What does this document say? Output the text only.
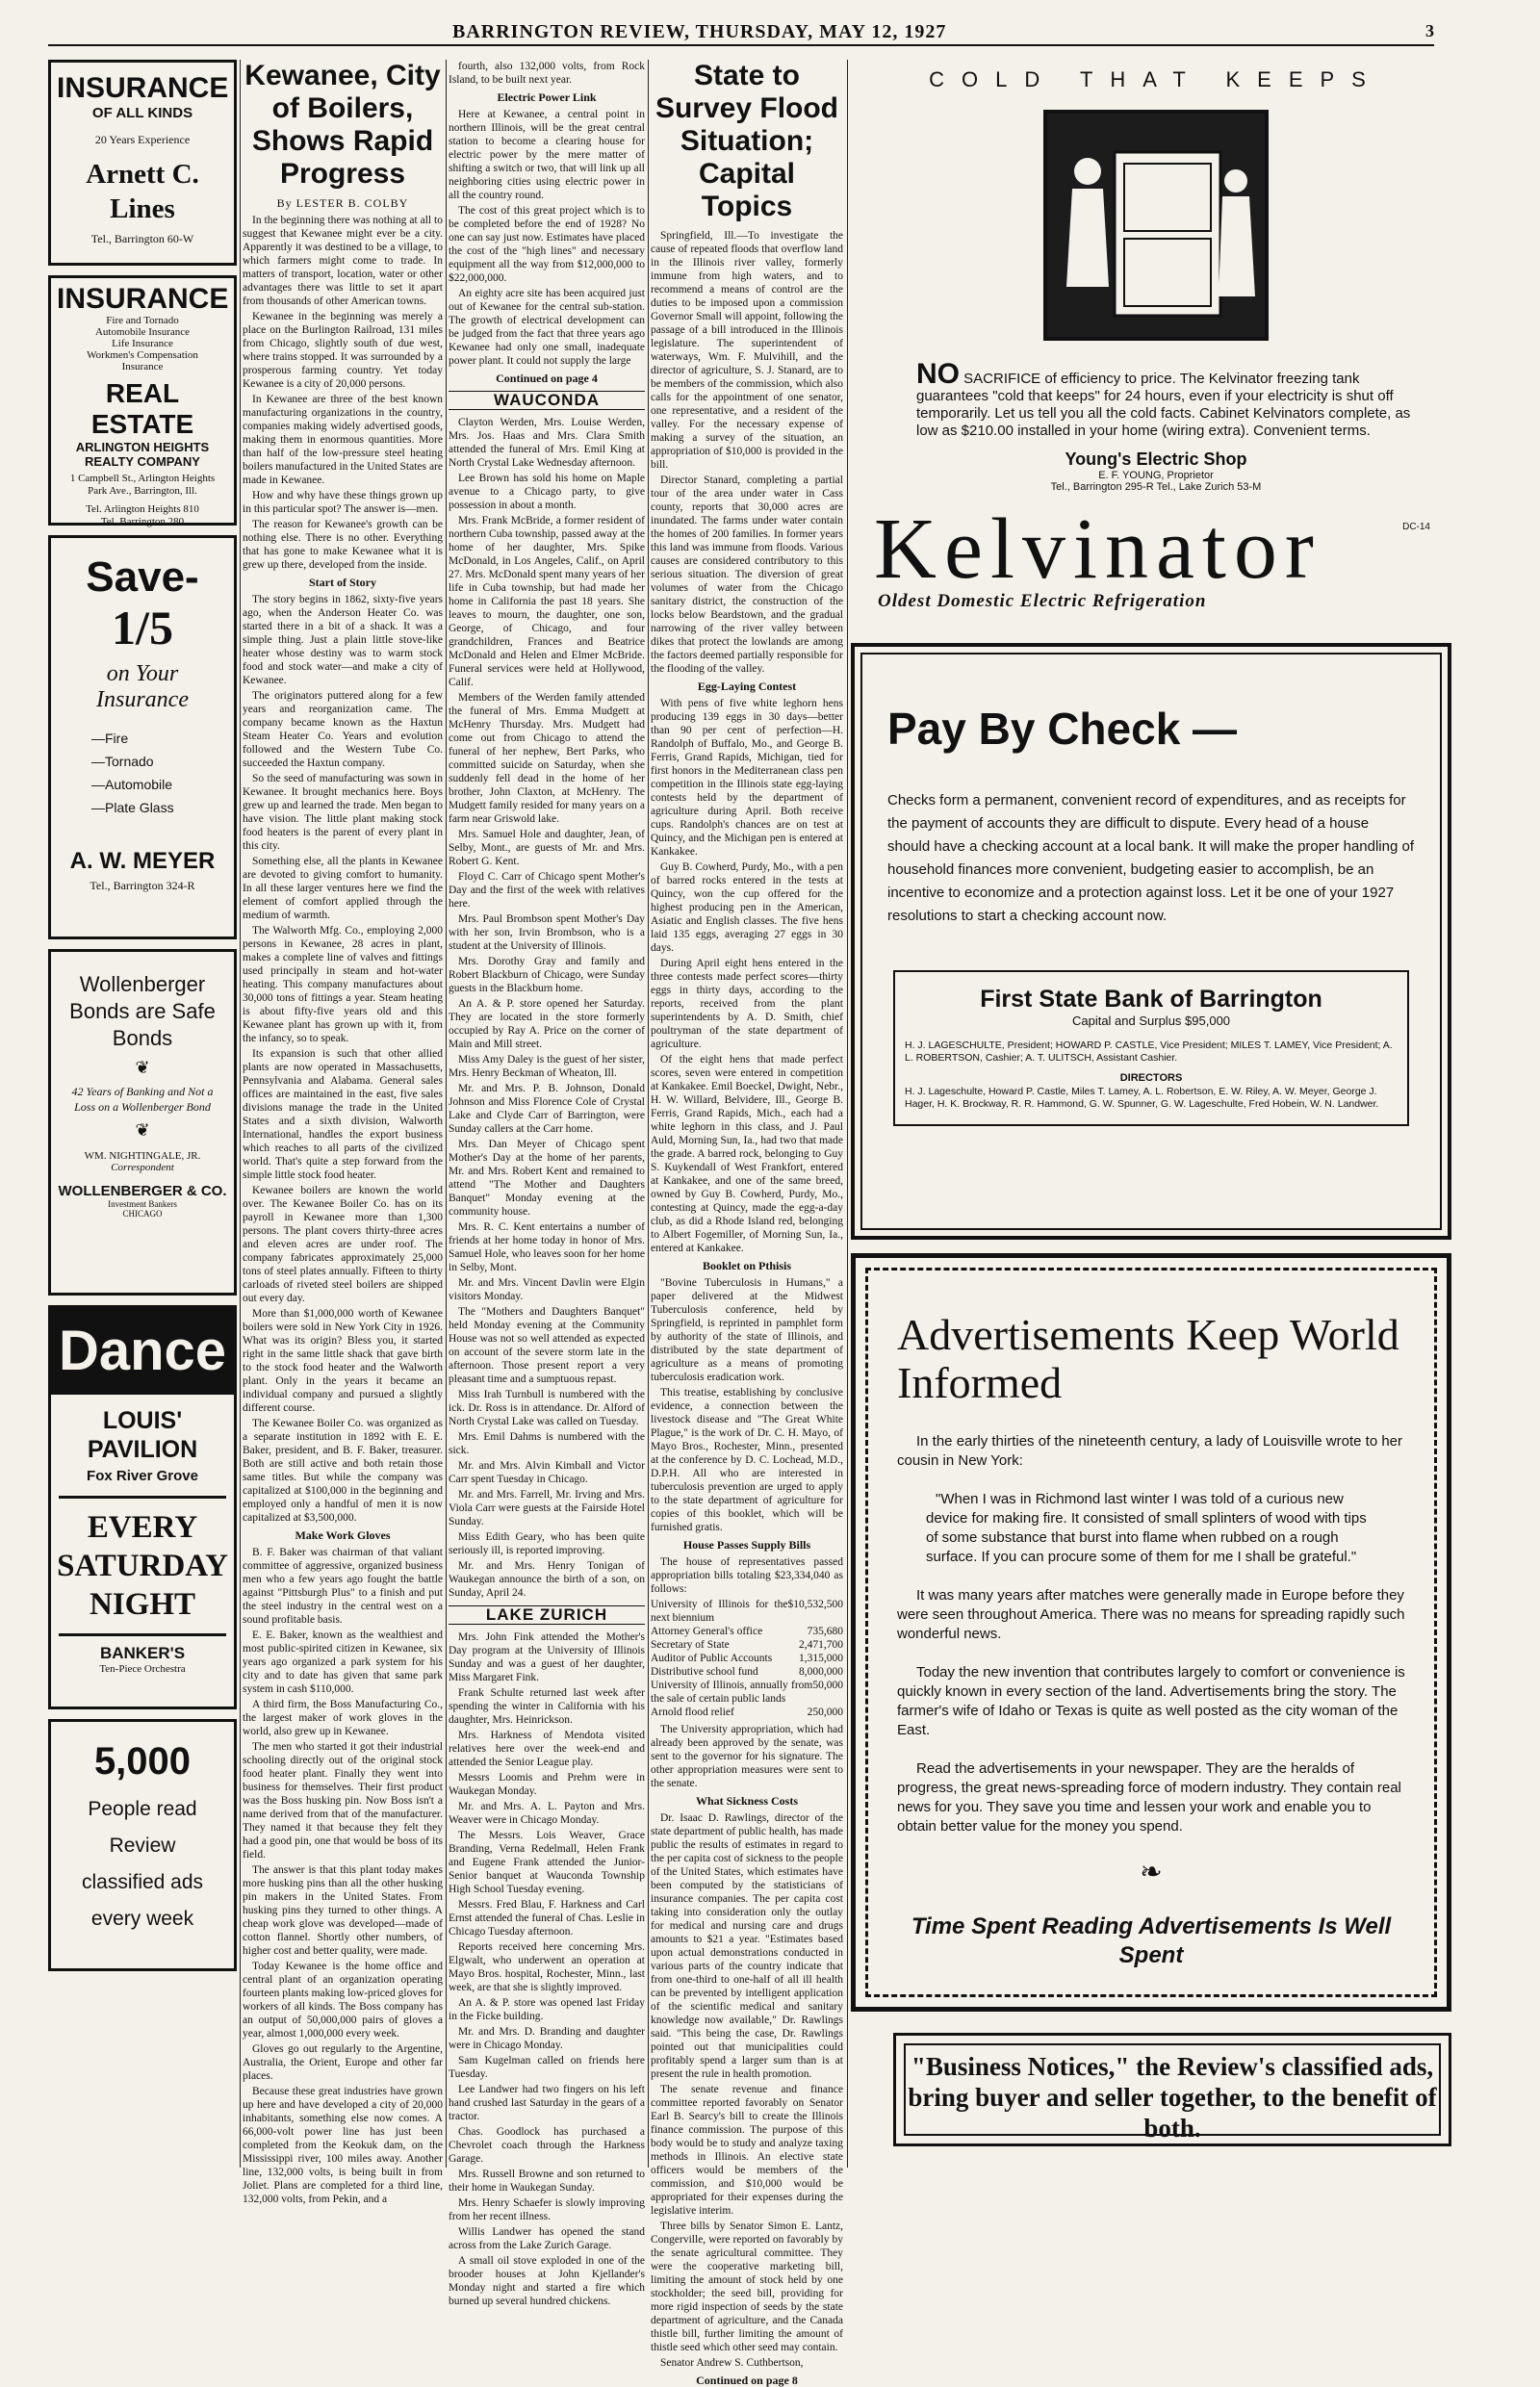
BARRINGTON REVIEW, THURSDAY, MAY 12, 1927	3
INSURANCE
OF ALL KINDS
20 Years Experience
Arnett C. Lines
Tel., Barrington 60-W
INSURANCE
Fire and Tornado
Automobile Insurance
Life Insurance
Workmen's Compensation
Insurance
REAL ESTATE
ARLINGTON HEIGHTS REALTY COMPANY
1 Campbell St., Arlington Heights
Park Ave., Barrington, Ill.
Tel. Arlington Heights 810
Tel. Barrington 280
Save-
1/5
on Your
Insurance
—Fire
—Tornado
—Automobile
—Plate Glass
A. W. MEYER
Tel., Barrington 324-R
Wollenberger Bonds are Safe Bonds
❦
42 Years of Banking and Not a Loss on a Wollenberger Bond
❦
WM. NIGHTINGALE, JR.
Correspondent
WOLLENBERGER & CO.
Investment Bankers
CHICAGO
Dance
LOUIS' PAVILION
Fox River Grove
EVERY SATURDAY NIGHT
BANKER'S
Ten-Piece Orchestra
5,000
People read
Review
classified ads
every week
Kewanee, City of Boilers, Shows Rapid Progress
By LESTER B. COLBY

In the beginning there was nothing at all to suggest that Kewanee might ever be a city. Apparently it was destined to be a village, to which farmers might come to trade. In matters of transport, location, water or other advantages there was little to set it apart from thousands of other American towns.

Kewanee in the beginning was merely a place on the Burlington Railroad, 131 miles from Chicago, slightly south of due west, where trains stopped. It was surrounded by a prosperous farming country. Yet today Kewanee is a city of 20,000 persons.

In Kewanee are three of the best known manufacturing organizations in the country, companies making widely advertised goods, making them in enormous quantities. More than half of the low-pressure steel heating boilers manufactured in the United States are made in Kewanee.

How and why have these things grown up in this particular spot? The answer is—men.

The reason for Kewanee's growth can be nothing else. There is no other. Everything that has gone to make Kewanee what it is grew up there, developed from the inside.

Start of Story

The story begins in 1862, sixty-five years ago, when the Anderson Heater Co. was started there in a bit of a shack. It was a simple thing. Just a plain little stove-like heater whose destiny was to warm stock food and stock water—and make a city of Kewanee.

The originators puttered along for a few years and reorganization came. The company became known as the Haxtun Steam Heater Co. Years and evolution followed and the Western Tube Co. succeeded the Haxtun company.

So the seed of manufacturing was sown in Kewanee. It brought mechanics here. Boys grew up and learned the trade. Men began to have vision. The little plant making stock food heaters is the parent of every plant in this city.

Something else, all the plants in Kewanee are devoted to giving comfort to humanity. In all these larger ventures here we find the element of comfort applied through the medium of warmth.

The Walworth Mfg. Co., employing 2,000 persons in Kewanee, 28 acres in plant, makes a complete line of valves and fittings used principally in steam and hot-water heating. This company manufactures about 30,000 tons of fittings a year. Steam heating is about fifty-five years old and this Kewanee plant has grown up with it, from the infancy, so to speak.

Its expansion is such that other allied plants are now operated in Massachusetts, Pennsylvania and Alabama. General sales offices are maintained in the east, five sales divisions manage the trade in the United States and a sixth division, Walworth International, handles the export business which reaches to all parts of the civilized world. That's quite a step forward from the simple little stock food heater.

Kewanee boilers are known the world over. The Kewanee Boiler Co. has on its payroll in Kewanee more than 1,300 persons. The plant covers thirty-three acres and eleven acres are under roof. The company fabricates approximately 25,000 tons of steel plates annually. Fifteen to thirty carloads of riveted steel boilers are shipped out every day.

More than $1,000,000 worth of Kewanee boilers were sold in New York City in 1926. What was its origin? Bless you, it started right in the same little shack that gave birth to the stock food heater and the Walworth plant. Only in the years it became an individual company and pursued a slightly different course.

The Kewanee Boiler Co. was organized as a separate institution in 1892 with E. E. Baker, president, and B. F. Baker, treasurer. Both are still active and both retain those same titles. But while the company was capitalized at $100,000 in the beginning and employed only a handful of men it is now capitalized at $3,500,000.

Make Work Gloves

B. F. Baker was chairman of that valiant committee of aggressive, organized business men who a few years ago fought the battle against "Pittsburgh Plus" to a finish and put the steel industry in the central west on a sound profitable basis.

E. E. Baker, known as the wealthiest and most public-spirited citizen in Kewanee, six years ago organized a park system for his city and to date has given that same park system in cash $110,000.

A third firm, the Boss Manufacturing Co., the largest maker of work gloves in the world, also grew up in Kewanee.

The men who started it got their industrial schooling directly out of the original stock food heater plant. Finally they went into business for themselves. Their first product was the Boss husking pin. Now Boss isn't a name derived from that of the manufacturer. They named it that because they felt they had a good pin, one that would be boss of its field.

The answer is that this plant today makes more husking pins than all the other husking pin makers in the United States. From husking pins they turned to other things. A cheap work glove was developed—made of cotton flannel. Shortly other numbers, of higher cost and better quality, were made.

Today Kewanee is the home office and central plant of an organization operating fourteen plants making low-priced gloves for workers of all kinds. The Boss company has an output of 50,000,000 pairs of gloves a year, almost 1,000,000 every week.

Gloves go out regularly to the Argentine, Australia, the Orient, Europe and other far places.

Because these great industries have grown up here and have developed a city of 20,000 inhabitants, something else now comes. A 66,000-volt power line has just been completed from the Keokuk dam, on the Mississippi river, 100 miles away. Another line, 132,000 volts, is being built in from Joliet. Plans are completed for a third line, 132,000 volts, from Pekin, and a

fourth, also 132,000 volts, from Rock Island, to be built next year.

Electric Power Link

Here at Kewanee, a central point in northern Illinois, will be the great central station to become a clearing house for electric power by the mere matter of shifting a switch or two, that will link up all neighboring cities using electric power in all the country round.

The cost of this great project which is to be completed before the end of 1928? No one can say just now. Estimates have placed the cost of the "high lines" and necessary equipment all the way from $12,000,000 to $22,000,000.

An eighty acre site has been acquired just out of Kewanee for the central sub-station. The growth of electrical development can be judged from the fact that three years ago Kewanee had only one small, inadequate power plant. It could not supply the large

Continued on page 4
WAUCONDA

Clayton Werden, Mrs. Louise Werden, Mrs. Jos. Haas and Mrs. Clara Smith attended the funeral of Mrs. Emil King at North Crystal Lake Wednesday afternoon.

Lee Brown has sold his home on Maple avenue to a Chicago party, to give possession in about a month.

Mrs. Frank McBride, a former resident of northern Cuba township, passed away at the home of her daughter, Mrs. Spike McDonald, in Los Angeles, Calif., on April 27. Mrs. McDonald spent many years of her life in Cuba township, but had made her home in California the past 18 years. She leaves to mourn, the daughter, one son, George, of Chicago, and four grandchildren, Frances and Beatrice McDonald and Helen and Elmer McBride. Funeral services were held at Hollywood, Calif.

Members of the Werden family attended the funeral of Mrs. Emma Mudgett at McHenry Thursday. Mrs. Mudgett had come out from Chicago to attend the funeral of her nephew, Bert Parks, who committed suicide on Saturday, when she suddenly fell dead in the home of her brother, John Claxton, at McHenry. The Mudgett family resided for many years on a farm near Griswold lake.

Mrs. Samuel Hole and daughter, Jean, of Selby, Mont., are guests of Mr. and Mrs. Robert G. Kent.

Floyd C. Carr of Chicago spent Mother's Day and the first of the week with relatives here.

Mrs. Paul Brombson spent Mother's Day with her son, Irvin Brombson, who is a student at the University of Illinois.

Mrs. Dorothy Gray and family and Robert Blackburn of Chicago, were Sunday guests in the Blackburn home.

An A. & P. store opened her Saturday. They are located in the store formerly occupied by Ray A. Price on the corner of Main and Mill street.

Miss Amy Daley is the guest of her sister, Mrs. Henry Beckman of Wheaton, Ill.

Mr. and Mrs. P. B. Johnson, Donald Johnson and Miss Florence Cole of Crystal Lake and Clyde Carr of Barrington, were Sunday callers at the Carr home.

Mrs. Dan Meyer of Chicago spent Mother's Day at the home of her parents, Mr. and Mrs. Robert Kent and remained to attend "The Mother and Daughters Banquet" Monday evening at the community house.

Mrs. R. C. Kent entertains a number of friends at her home today in honor of Mrs. Samuel Hole, who leaves soon for her home in Selby, Mont.

Mr. and Mrs. Vincent Davlin were Elgin visitors Monday.

The "Mothers and Daughters Banquet" held Monday evening at the Community House was not so well attended as expected on account of the severe storm late in the afternoon. Those present report a very pleasant time and a sumptuous repast.

Miss Irah Turnbull is numbered with the ick. Dr. Ross is in attendance. Dr. Alford of North Crystal Lake was called on Tuesday.

Mrs. Emil Dahms is numbered with the sick.

Mr. and Mrs. Alvin Kimball and Victor Carr spent Tuesday in Chicago.

Mr. and Mrs. Farrell, Mr. Irving and Mrs. Viola Carr were guests at the Fairside Hotel Sunday.

Miss Edith Geary, who has been quite seriously ill, is reported improving.

Mr. and Mrs. Henry Tonigan of Waukegan announce the birth of a son, on Sunday, April 24.

LAKE ZURICH

Mrs. John Fink attended the Mother's Day program at the University of Illinois Sunday and was a guest of her daughter, Miss Margaret Fink.

Frank Schulte returned last week after spending the winter in California with his daughter, Mrs. Heinrickson.

Mrs. Harkness of Mendota visited relatives here over the week-end and attended the Senior League play.

Messrs Loomis and Prehm were in Waukegan Monday.

Mr. and Mrs. A. L. Payton and Mrs. Weaver were in Chicago Monday.

The Messrs. Lois Weaver, Grace Branding, Verna Redelmall, Helen Frank and Eugene Frank attended the Junior-Senior banquet at Wauconda Township High School Tuesday evening.

Messrs. Fred Blau, F. Harkness and Carl Ernst attended the funeral of Chas. Leslie in Chicago Tuesday afternoon.

Reports received here concerning Mrs. Elgwalt, who underwent an operation at Mayo Bros. hospital, Rochester, Minn., last week, are that she is slightly improved.

An A. & P. store was opened last Friday in the Ficke building.

Mr. and Mrs. D. Branding and daughter were in Chicago Monday.

Sam Kugelman called on friends here Tuesday.

Lee Landwer had two fingers on his left hand crushed last Saturday in the gears of a tractor.

Chas. Goodlock has purchased a Chevrolet coach through the Harkness Garage.

Mrs. Russell Browne and son returned to their home in Waukegan Sunday.

Mrs. Henry Schaefer is slowly improving from her recent illness.

Willis Landwer has opened the stand across from the Lake Zurich Garage.

A small oil stove exploded in one of the brooder houses at John Kjellander's Monday night and started a fire which burned up several hundred chickens.

State to Survey Flood Situation; Capital Topics

Springfield, Ill.—To investigate the cause of repeated floods that overflow land in the Illinois river valley, formerly immune from high waters, and to recommend a means of control are the duties to be imposed upon a commission Governor Small will appoint, following the passage of a bill introduced in the Illinois legislature. The superintendent of waterways, Wm. F. Mulvihill, and the director of agriculture, S. J. Stanard, are to be members of the commission, which also calls for the appointment of one senator, one representative, and a resident of the valley. For the necessary expense of making a survey of the situation, an appropriation of $10,000 is provided in the bill.

Director Stanard, completing a partial tour of the area under water in Cass county, reports that 30,000 acres are inundated. The farms under water contain the homes of 200 families. In former years this land was immune from floods. Various causes are considered contributory to this serious situation. The diversion of great volumes of water from the Chicago sanitary district, the construction of the locks below Beardstown, and the gradual narrowing of the river valley between dikes that protect the lowlands are among the factors deemed partially responsible for the flooding of the valley.

Egg-Laying Contest

With pens of five white leghorn hens producing 139 eggs in 30 days—better than 90 per cent of perfection—H. Randolph of Buffalo, Mo., and George B. Ferris, Grand Rapids, Michigan, tied for first honors in the Mediterranean class pen competition in the Illinois state egg-laying contests held by the department of agriculture during April. Both receive cups. Randolph's chances are on test at Quincy, and the Michigan pen is entered at Kankakee.

Guy B. Cowherd, Purdy, Mo., with a pen of barred rocks entered in the tests at Quincy, won the cup offered for the highest producing pen in the American, Asiatic and English classes. The five hens laid 135 eggs, averaging 27 eggs in 30 days.

During April eight hens entered in the three contests made perfect scores—thirty eggs in thirty days, according to the reports, received from the plant superintendents by A. D. Smith, chief poultryman of the state department of agriculture.

Of the eight hens that made perfect scores, seven were entered in competition at Kankakee. Emil Boeckel, Dwight, Nebr., H. W. Willard, Belvidere, Ill., George B. Ferris, Grand Rapids, Mich., each had a white leghorn in this class, and J. Paul Auld, Morning Sun, Ia., had two that made the grade. A barred rock, belonging to Guy S. Kuykendall of West Frankfort, entered at Kankakee, and one of the same breed, owned by Guy B. Cowherd, Purdy, Mo., contesting at Quincy, made the egg-a-day club, as did a Rhode Island red, belonging to Albert Fogemiller, of Morning Sun, Ia., entered at Kankakee.

Booklet on Pthisis

"Bovine Tuberculosis in Humans," a paper delivered at the Midwest Tuberculosis conference, held by Springfield, is reprinted in pamphlet form by authority of the state of Illinois, and distributed by the state department of agriculture as a means of promoting tuberculosis eradication work.

This treatise, establishing by conclusive evidence, a connection between the livestock disease and "The Great White Plague," is the work of Dr. C. H. Mayo, of Mayo Bros., Rochester, Minn., presented at the conference by D. C. Lochead, M.D., D.P.H. All who are interested in tuberculosis prevention are urged to apply to the state department of agriculture for copies of this booklet, which will be furnished gratis.

House Passes Supply Bills

The house of representatives passed appropriation bills totaling $23,334,040 as follows:

University of Illinois for the next biennium
$10,532,500
Attorney General's office	735,680
Secretary of State	2,471,700
Auditor of Public Accounts 1,315,000
Distributive school fund	8,000,000
University of Illinois, annually from the sale of certain public lands
50,000
Arnold flood relief	250,000

The University appropriation, which had already been approved by the senate, was sent to the governor for his signature. The other appropriation measures were sent to the senate.

What Sickness Costs

Dr. Isaac D. Rawlings, director of the state department of public health, has made public the results of estimates in regard to the per capita cost of sickness to the people of the United States, which estimates have been computed by the statisticians of insurance companies. The per capita cost taking into consideration only the outlay for medical and nursing care and drugs amounts to $21 a year. "Estimates based upon actual demonstrations conducted in various parts of the country indicate that from one-third to one-half of all ill health can be prevented by intelligent application of the scientific medical and sanitary knowledge now available," Dr. Rawlings said. "This being the case, Dr. Rawlings pointed out that municipalities could profitably spend a larger sum than is at present the rule in health promotion.

The senate revenue and finance committee reported favorably on Senator Earl B. Searcy's bill to create the Illinois finance commission. The purpose of this body would be to study and analyze taxing methods in Illinois. An elective state officers would be members of the commission, and $10,000 would be appropriated for their expenses during the legislative interim.

Three bills by Senator Simon E. Lantz, Congerville, were reported on favorably by the senate agricultural committee. They were the cooperative marketing bill, limiting the amount of stock held by one stockholder; the seed bill, providing for more rigid inspection of seeds by the state department of agriculture, and the Canada thistle bill, further limiting the amount of thistle seed which other seed may contain.

Senator Andrew S. Cuthbertson,

Continued on page 8
COLD THAT KEEPS
NO SACRIFICE of efficiency to price. The Kelvinator freezing tank guarantees "cold that keeps" for 24 hours, even if your electricity is shut off temporarily. Let us tell you all the cold facts. Cabinet Kelvinators complete, as low as $210.00 installed in your home (wiring extra). Convenient terms.
Young's Electric Shop
E. F. YOUNG, Proprietor
Tel., Barrington 295-R Tel., Lake Zurich 53-M
DC-14
Kelvinator
Oldest Domestic Electric Refrigeration
Pay By Check —
Checks form a permanent, convenient record of expenditures, and as receipts for the payment of accounts they are difficult to dispute. Every head of a house should have a checking account at a local bank. It will make the proper handling of household finances more convenient, budgeting easier to accomplish, be an incentive to economize and a protection against loss. Let it be one of your 1927 resolutions to start a checking account now.
First State Bank of Barrington
Capital and Surplus $95,000
H. J. LAGESCHULTE, President; HOWARD P. CASTLE, Vice President; MILES T. LAMEY, Vice President; A. L. ROBERTSON, Cashier; A. T. ULITSCH, Assistant Cashier.
DIRECTORS
H. J. Lageschulte, Howard P. Castle, Miles T. Lamey, A. L. Robertson, E. W. Riley, A. W. Meyer, George J. Hager, H. K. Brockway, R. R. Hammond, G. W. Spunner, G. W. Lageschulte, Fred Hobein, W. N. Landwer.
Advertisements Keep World Informed

In the early thirties of the nineteenth century, a lady of Louisville wrote to her cousin in New York:

"When I was in Richmond last winter I was told of a curious new device for making fire. It consisted of small splinters of wood with tips of some substance that burst into flame when rubbed on a rough surface. If you can procure some of them for me I shall be grateful."

It was many years after matches were generally made in Europe before they were seen throughout America. There was no means for spreading rapidly such wonderful news.

Today the new invention that contributes largely to comfort or convenience is quickly known in every section of the land. Advertisements bring the story. The farmer's wife of Idaho or Texas is quite as well posted as the city woman of the East.

Read the advertisements in your newspaper. They are the heralds of progress, the great news-spreading force of modern industry. They contain real news for you. They save you time and lessen your work and enable you to obtain better value for the money you spend.

❧
Time Spent Reading Advertisements Is Well Spent
"Business Notices," the Review's classified ads, bring buyer and seller together, to the benefit of both.
